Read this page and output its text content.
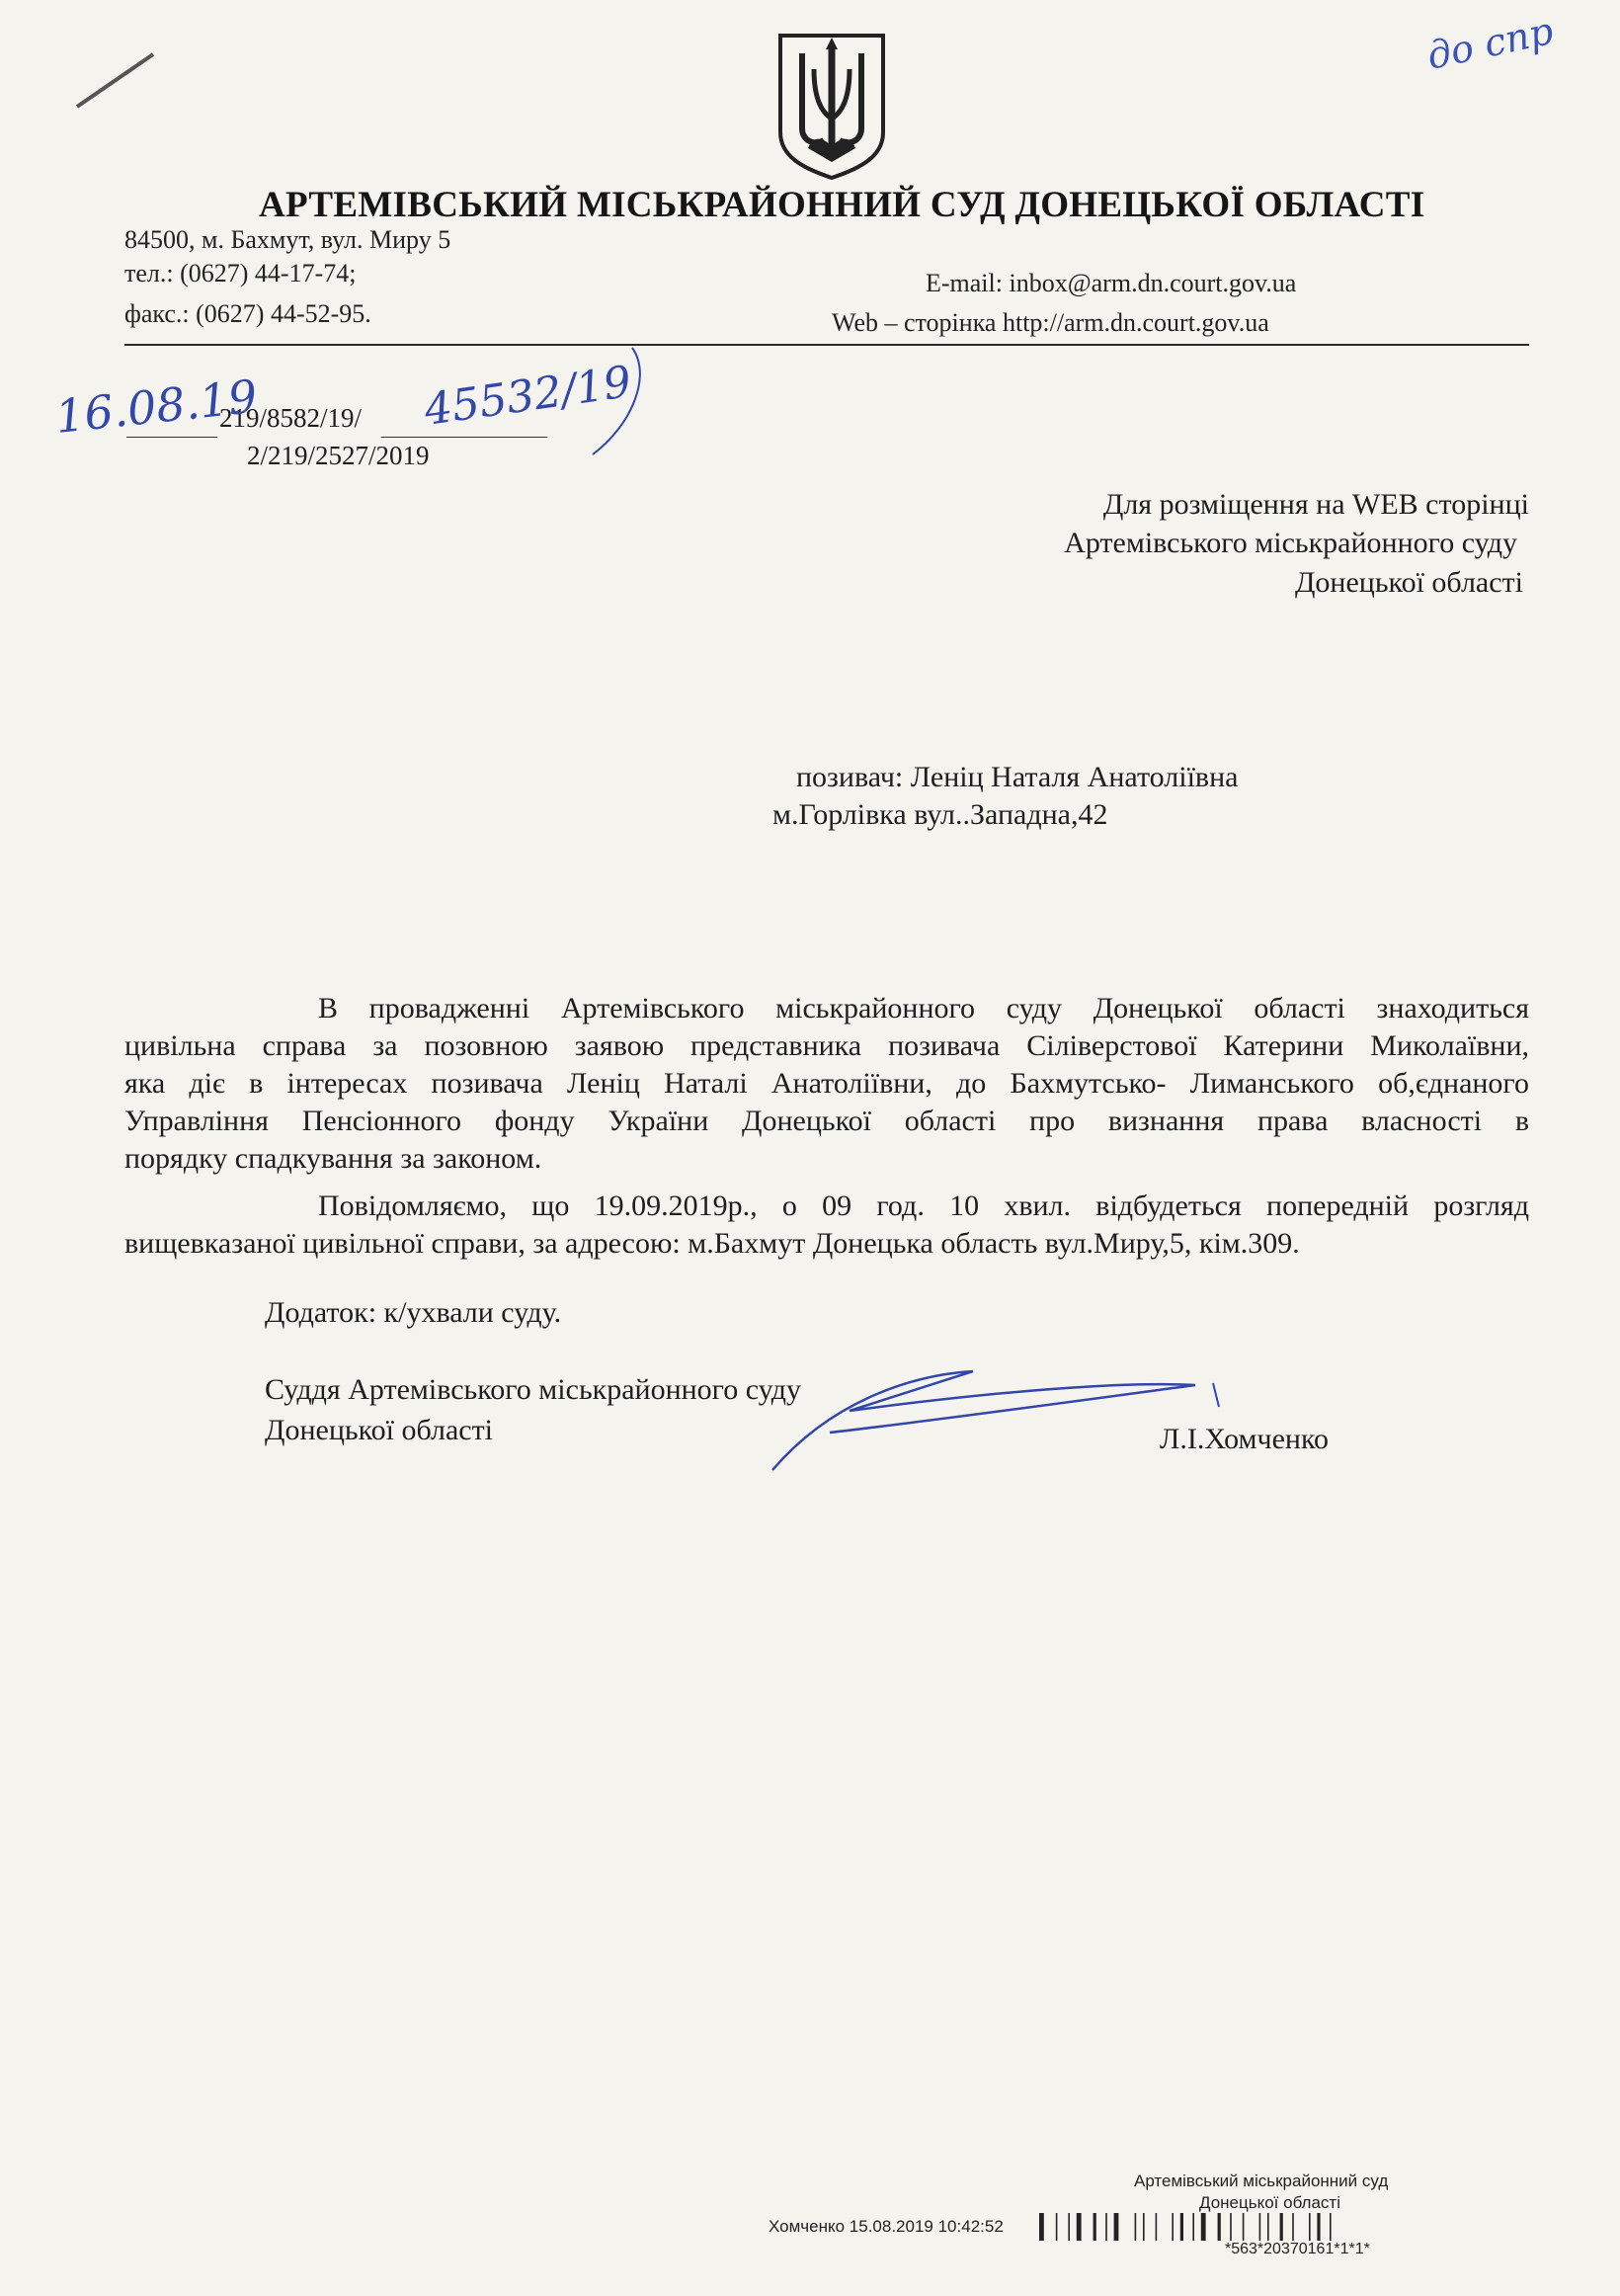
АРТЕМІВСЬКИЙ МІСЬКРАЙОННИЙ СУД ДОНЕЦЬКОЇ ОБЛАСТІ
84500, м. Бахмут, вул. Миру 5
тел.: (0627) 44-17-74;
факс.: (0627) 44-52-95.
E-mail: inbox@arm.dn.court.gov.ua
Web – сторінка http://arm.dn.court.gov.ua
219/8582/19/
2/219/2527/2019
16.08.19	45532/19
до спр
Для розміщення на WEB сторінці
Артемівського міськрайонного суду
Донецької області
позивач: Леніц Наталя Анатоліївна
м.Горлівка вул..Западна,42
В провадженні Артемівського міськрайонного суду Донецької області знаходиться
цивільна справа за позовною заявою представника позивача Сіліверстової Катерини Миколаївни,
яка діє в інтересах позивача Леніц Наталі Анатоліївни, до Бахмутсько- Лиманського об,єднаного
Управління Пенсіонного фонду України Донецької області про визнання права власності в
порядку спадкування за законом.
Повідомляємо, що 19.09.2019р., о 09 год. 10 хвил. відбудеться попередній розгляд
вищевказаної цивільної справи, за адресою: м.Бахмут Донецька область вул.Миру,5, кім.309.
Додаток: к/ухвали суду.
Суддя Артемівського міськрайонного суду
Донецької області	Л.І.Хомченко
Артемівський міськрайонний суд
Донецької області
Хомченко 15.08.2019 10:42:52
*563*20370161*1*1*
